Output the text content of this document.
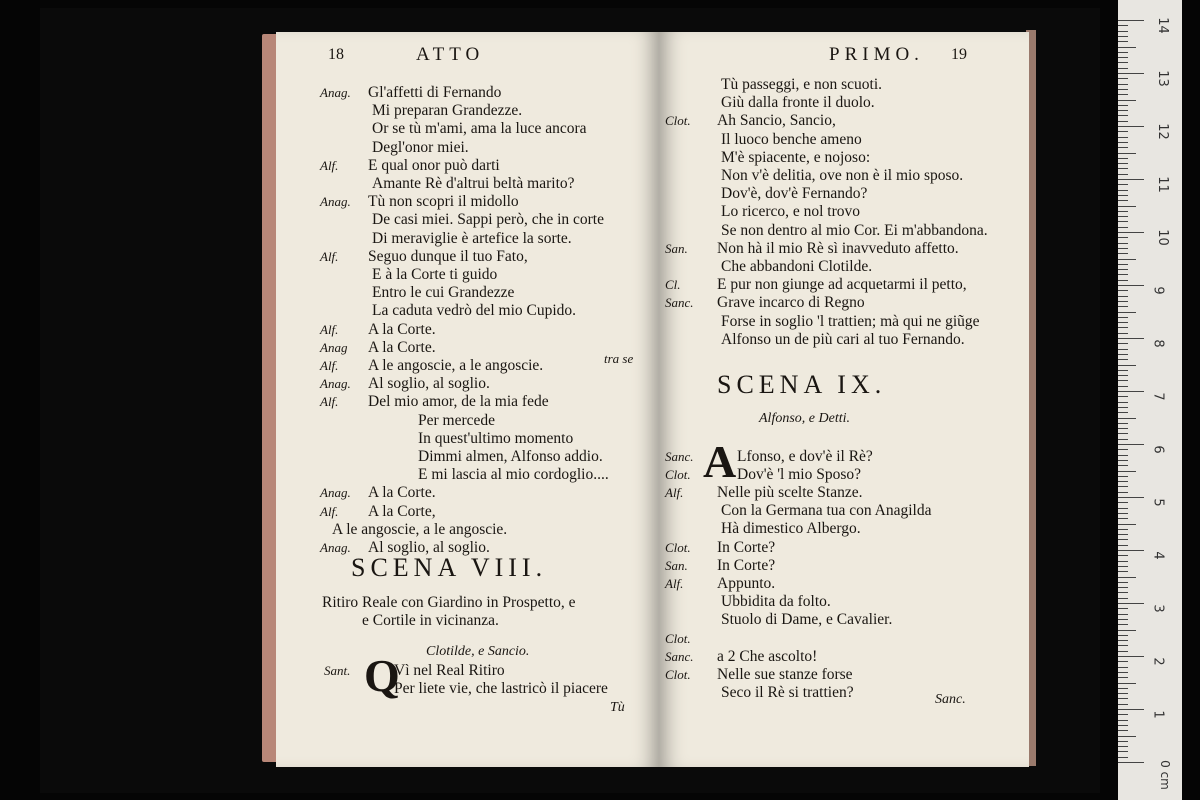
18	ATTO
Anag. Gl'affetti di Fernando
Mi preparan Grandezze.
Or se tù m'ami, ama la luce ancora
Degl'onor miei.
Alf. E qual onor può darti
Amante Rè d'altrui beltà marito?
Anag. Tù non scopri il midollo
De casi miei. Sappi però, che in corte
Di meraviglie è artefice la sorte.
Alf. Seguo dunque il tuo Fato,
E à la Corte ti guido
Entro le cui Grandezze
La caduta vedrò del mio Cupido.
Alf. A la Corte.
Anag A la Corte.
Alf. A le angoscie, a le angoscie.
Anag. Al soglio, al soglio.
Alf. Del mio amor, de la mia fede
Per mercede
In quest'ultimo momento
Dimmi almen, Alfonso addio.
E mi lascia al mio cordoglio....
Anag. A la Corte.
Alf. A la Corte,
A le angoscie, a le angoscie.
Anag. Al soglio, al soglio.
tra se
SCENA VIII.
Ritiro Reale con Giardino in Prospetto, e
e Cortile in vicinanza.
Clotilde, e Sancio.
Sant. Q
Vì nel Real Ritiro
Per liete vie, che lastricò il piacere
Tù
PRIMO. 19
Tù passeggi, e non scuoti.
Giù dalla fronte il duolo.
Clot. Ah Sancio, Sancio,
Il luoco benche ameno
M'è spiacente, e nojoso:
Non v'è delitia, ove non è il mio sposo.
Dov'è, dov'è Fernando?
Lo ricerco, e nol trovo
Se non dentro al mio Cor. Ei m'abbandona.
San. Non hà il mio Rè sì inavveduto affetto.
Che abbandoni Clotilde.
Cl. E pur non giunge ad acquetarmi il petto,
Sanc. Grave incarco di Regno
Forse in soglio 'l trattien; mà qui ne giũge
Alfonso un de più cari al tuo Fernando.
SCENA IX.
Alfonso, e Detti.
A
Sanc.	Lfonso, e dov'è il Rè?
Clot.	Dov'è 'l mio Sposo?
Alf. Nelle più scelte Stanze.
Con la Germana tua con Anagilda
Hà dimestico Albergo.
Clot. In Corte?
San. In Corte?
Alf. Appunto.
Ubbidita da folto.
Stuolo di Dame, e Cavalier.
Clot.
Sanc. a 2 Che ascolto!
Clot. Nelle sue stanze forse
Seco il Rè si trattien?	Sanc.
14
13
12
11
10
9
8
7
6
5
4
3
2
1
0 cm
